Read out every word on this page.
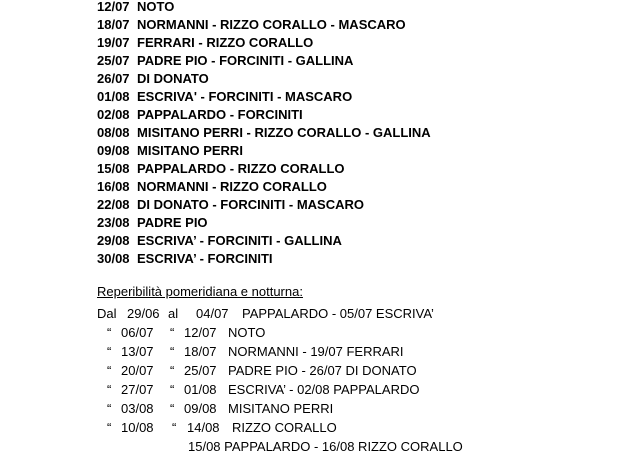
12/07 NOTO
18/07 NORMANNI - RIZZO CORALLO - MASCARO
19/07 FERRARI - RIZZO CORALLO
25/07 PADRE PIO - FORCINITI - GALLINA
26/07 DI DONATO
01/08 ESCRIVA' - FORCINITI - MASCARO
02/08 PAPPALARDO - FORCINITI
08/08 MISITANO PERRI - RIZZO CORALLO - GALLINA
09/08 MISITANO PERRI
15/08 PAPPALARDO - RIZZO CORALLO
16/08 NORMANNI - RIZZO CORALLO
22/08 DI DONATO - FORCINITI - MASCARO
23/08 PADRE PIO
29/08 ESCRIVA’ - FORCINITI - GALLINA
30/08 ESCRIVA’ - FORCINITI
Reperibilità pomeridiana e notturna:
Dal 29/06 al 04/07 PAPPALARDO - 05/07 ESCRIVA’
“ 06/07 “ 12/07 NOTO
“ 13/07 “ 18/07 NORMANNI - 19/07 FERRARI
“ 20/07 “ 25/07 PADRE PIO - 26/07 DI DONATO
“ 27/07 “ 01/08 ESCRIVA’ - 02/08 PAPPALARDO
“ 03/08 “ 09/08 MISITANO PERRI
“ 10/08 “ 14/08 RIZZO CORALLO
15/08 PAPPALARDO - 16/08 RIZZO CORALLO
